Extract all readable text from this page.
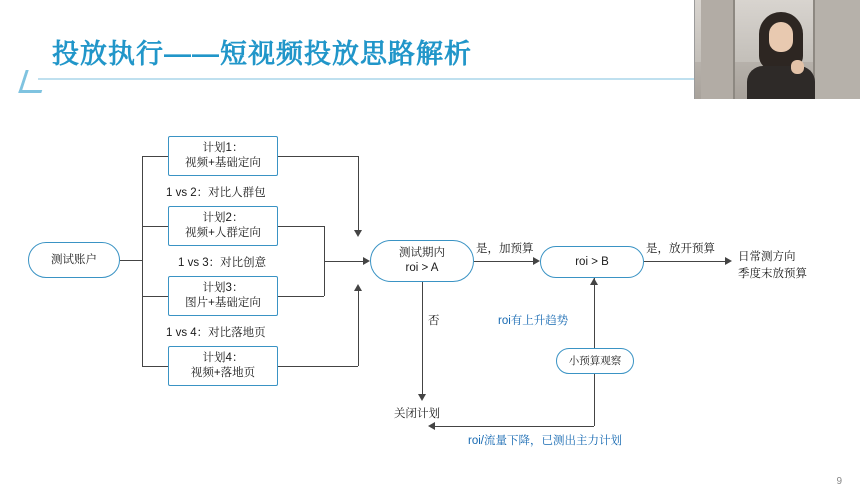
投放执行——短视频投放思路解析
测试账户
计划1：
视频+基础定向
计划2：
视频+人群定向
计划3：
图片+基础定向
计划4：
视频+落地页
测试期内
roi > A
roi > B
小预算观察
1 vs 2：对比人群包
1 vs 3：对比创意
1 vs 4：对比落地页
是，加预算	是，放开预算
日常测方向
季度末放预算
否
关闭计划
roi有上升趋势
roi/流量下降，已测出主力计划
9
